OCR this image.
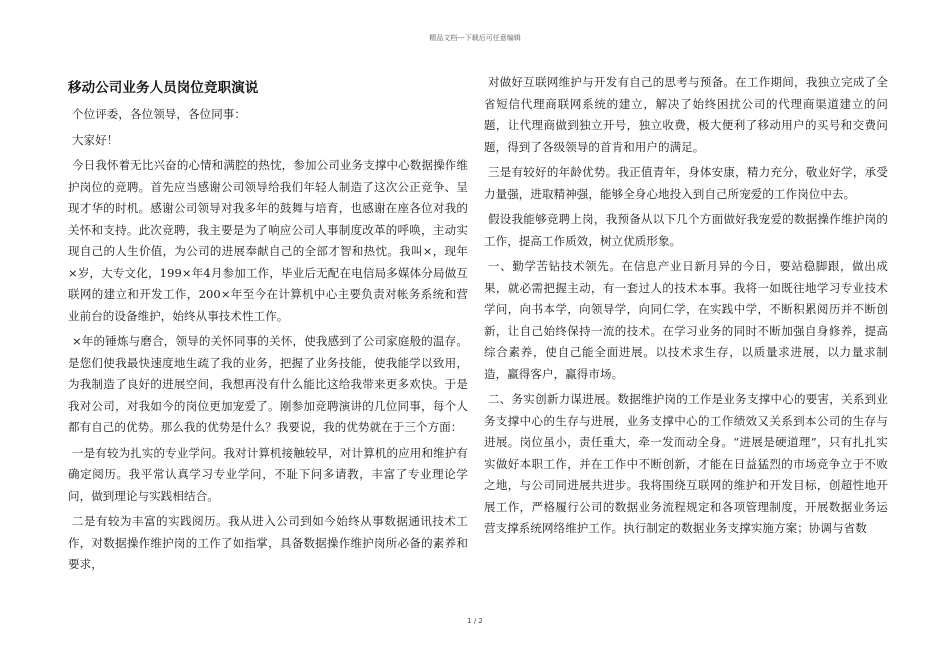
精品文档---下载后可任意编辑
移动公司业务人员岗位竞职演说

个位评委，各位领导，各位同事：

大家好！

今日我怀着无比兴奋的心情和满腔的热忱，参加公司业务支撑中心数据操作维护岗位的竞聘。首先应当感谢公司领导给我们年轻人制造了这次公正竞争、呈现才华的时机。感谢公司领导对我多年的鼓舞与培育，也感谢在座各位对我的关怀和支持。此次竞聘，我主要是为了响应公司人事制度改革的呼唤，主动实现自己的人生价值，为公司的进展奉献自己的全部才智和热忱。我叫×，现年×岁，大专文化，199×年4月参加工作，毕业后无配在电信局多媒体分局做互联网的建立和开发工作，200×年至今在计算机中心主要负责对帐务系统和营业前台的设备维护，始终从事技术性工作。

×年的锤炼与磨合，领导的关怀同事的关怀，使我感到了公司家庭般的温存。是您们使我最快速度地生疏了我的业务，把握了业务技能，使我能学以致用，为我制造了良好的进展空间，我想再没有什么能比这给我带来更多欢快。于是我对公司，对我如今的岗位更加宠爱了。刚参加竞聘演讲的几位同事，每个人都有自己的优势。那么我的优势是什么？我要说，我的优势就在于三个方面：

一是有较为扎实的专业学问。我对计算机接触较早，对计算机的应用和维护有确定阅历。我平常认真学习专业学问，不耻下问多请教，丰富了专业理论学问，做到理论与实践相结合。

二是有较为丰富的实践阅历。我从进入公司到如今始终从事数据通讯技术工作，对数据操作维护岗的工作了如指掌，具备数据操作维护岗所必备的素养和要求，

对做好互联网维护与开发有自己的思考与预备。在工作期间，我独立完成了全省短信代理商联网系统的建立，解决了始终困扰公司的代理商渠道建立的问题，让代理商做到独立开号，独立收费，极大便利了移动用户的买号和交费问题，得到了各级领导的首肯和用户的满足。

三是有较好的年龄优势。我正值青年，身体安康，精力充分，敬业好学，承受力量强，进取精神强，能够全身心地投入到自己所宠爱的工作岗位中去。

假设我能够竞聘上岗，我预备从以下几个方面做好我宠爱的数据操作维护岗的工作，提高工作质效，树立优质形象。

一、勤学苦钻技术领先。在信息产业日新月异的今日，要站稳脚跟，做出成果，就必需把握主动，有一套过人的技术本事。我将一如既往地学习专业技术学问，向书本学，向领导学，向同仁学，在实践中学，不断积累阅历并不断创新，让自己始终保持一流的技术。在学习业务的同时不断加强自身修养，提高综合素养，使自己能全面进展。以技术求生存，以质量求进展，以力量求制造，赢得客户，赢得市场。

二、务实创新力谋进展。数据维护岗的工作是业务支撑中心的要害，关系到业务支撑中心的生存与进展，业务支撑中心的工作绩效又关系到本公司的生存与进展。岗位虽小，责任重大，牵一发而动全身。“进展是硬道理”，只有扎扎实实做好本职工作，并在工作中不断创新，才能在日益猛烈的市场竞争立于不败之地，与公司同进展共进步。我将围绕互联网的维护和开发目标，创超性地开展工作，严格履行公司的数据业务流程规定和各项管理制度，开展数据业务运营支撑系统网络维护工作。执行制定的数据业务支撑实施方案；协调与省数

1 / 2
